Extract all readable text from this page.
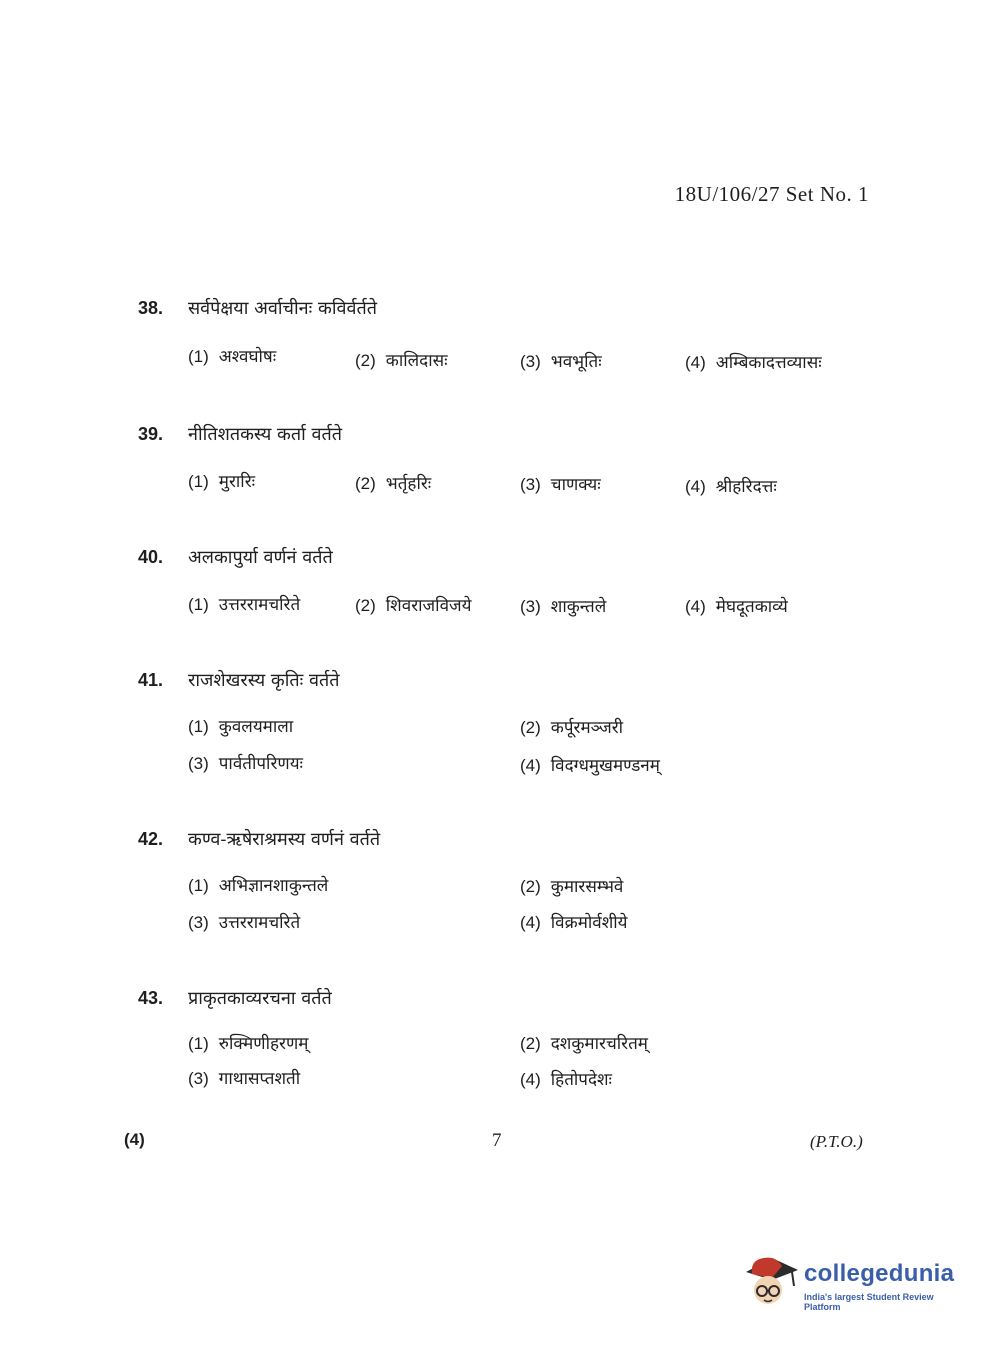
18U/106/27 Set No. 1
38. सर्वपेक्षया अर्वाचीनः कविर्वर्तते
(1) अश्वघोषः	(2) कालिदासः	(3) भवभूतिः	(4) अम्बिकादत्तव्यासः
39. नीतिशतकस्य कर्ता वर्तते
(1) मुरारिः	(2) भर्तृहरिः	(3) चाणक्यः	(4) श्रीहरिदत्तः
40. अलकापुर्या वर्णनं वर्तते
(1) उत्तररामचरिते	(2) शिवराजविजये	(3) शाकुन्तले	(4) मेघदूतकाव्ये
41. राजशेखरस्य कृतिः वर्तते
(1) कुवलयमाला	(2) कर्पूरमञ्जरी
(3) पार्वतीपरिणयः	(4) विदग्धमुखमण्डनम्
42. कण्व-ऋषेराश्रमस्य वर्णनं वर्तते
(1) अभिज्ञानशाकुन्तले	(2) कुमारसम्भवे
(3) उत्तररामचरिते	(4) विक्रमोर्वशीये
43. प्राकृतकाव्यरचना वर्तते
(1) रुक्मिणीहरणम्	(2) दशकुमारचरितम्
(3) गाथासप्तशती	(4) हितोपदेशः
(4)	7	(P.T.O.)
collegedunia
India's largest Student Review Platform
